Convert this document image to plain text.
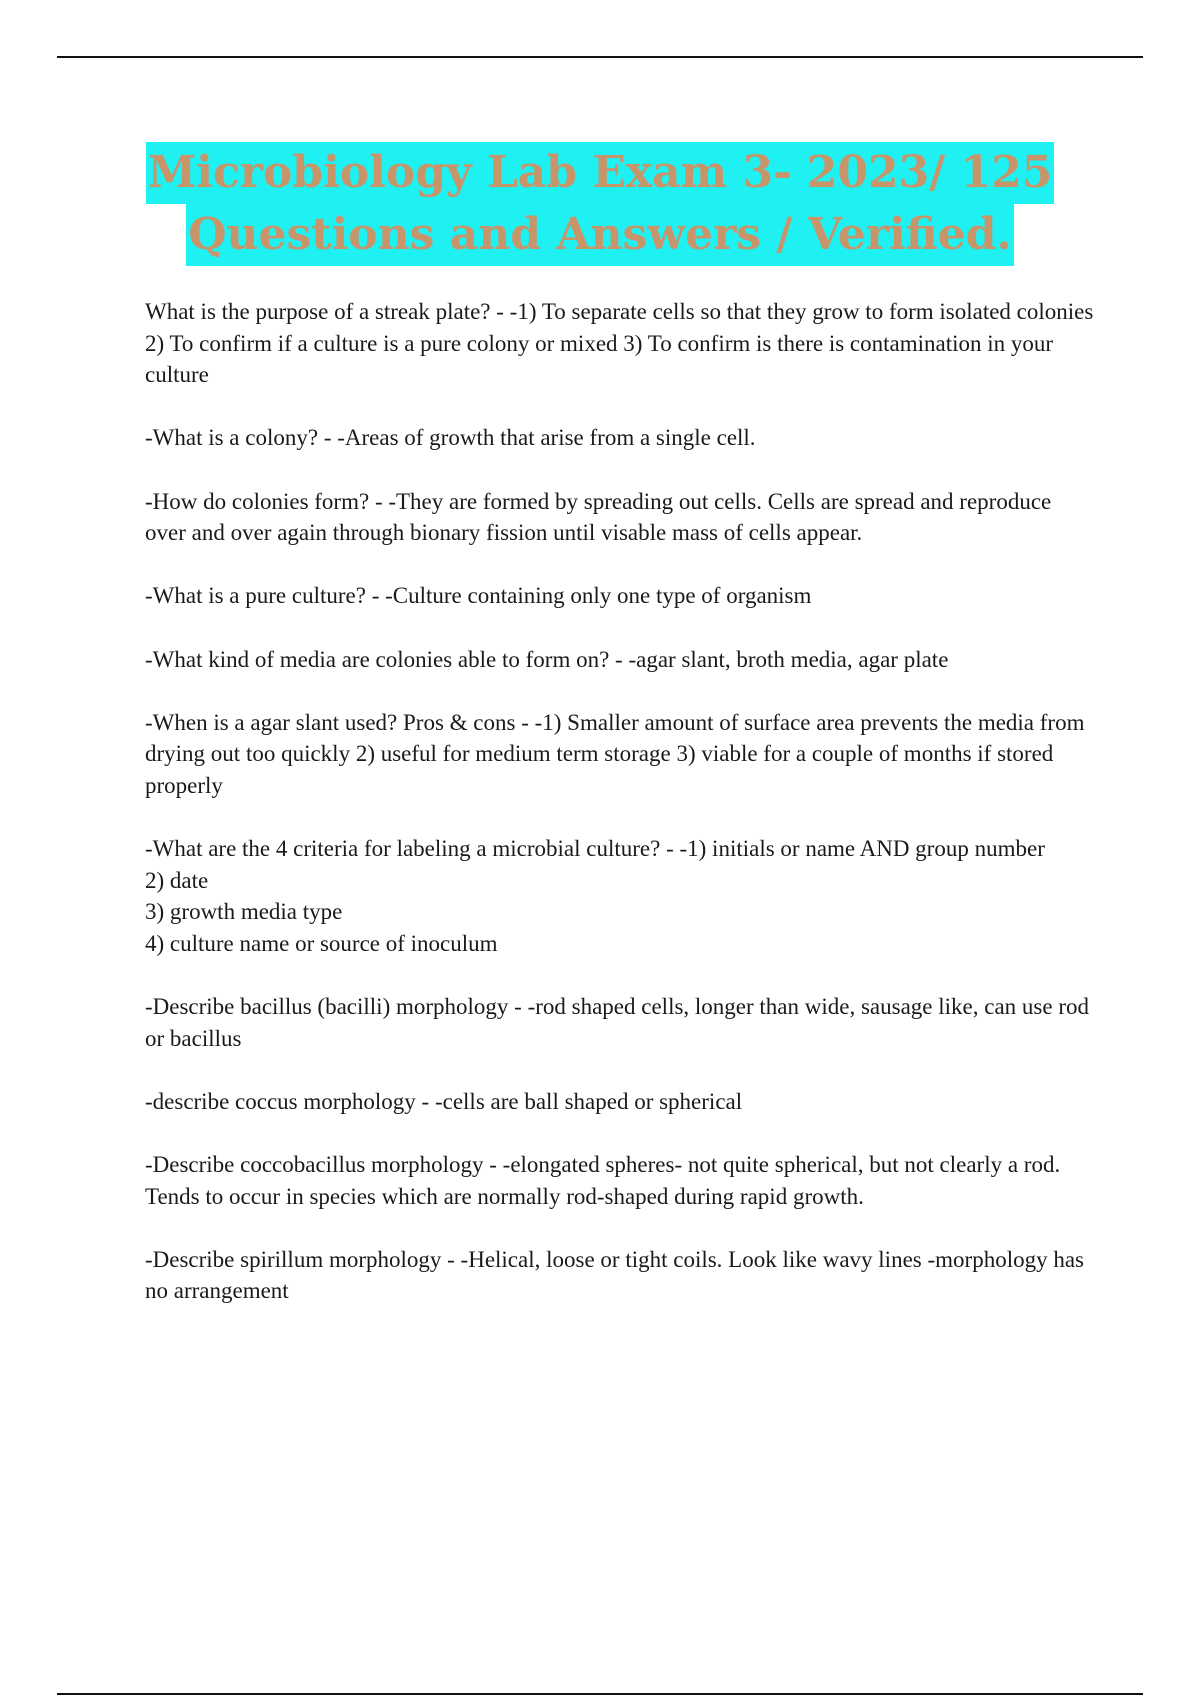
Microbiology Lab Exam 3- 2023/ 125
Questions and Answers / Verified.

What is the purpose of a streak plate? - -1) To separate cells so that they grow to form isolated colonies 2) To confirm if a culture is a pure colony or mixed 3) To confirm is there is contamination in your culture

-What is a colony? - -Areas of growth that arise from a single cell.

-How do colonies form? - -They are formed by spreading out cells. Cells are spread and reproduce over and over again through bionary fission until visable mass of cells appear.

-What is a pure culture? - -Culture containing only one type of organism

-What kind of media are colonies able to form on? - -agar slant, broth media, agar plate

-When is a agar slant used? Pros & cons - -1) Smaller amount of surface area prevents the media from drying out too quickly 2) useful for medium term storage 3) viable for a couple of months if stored properly

-What are the 4 criteria for labeling a microbial culture? - -1) initials or name AND group number

2) date

3) growth media type

4) culture name or source of inoculum

-Describe bacillus (bacilli) morphology - -rod shaped cells, longer than wide, sausage like, can use rod or bacillus

-describe coccus morphology - -cells are ball shaped or spherical

-Describe coccobacillus morphology - -elongated spheres- not quite spherical, but not clearly a rod. Tends to occur in species which are normally rod-shaped during rapid growth.

-Describe spirillum morphology - -Helical, loose or tight coils. Look like wavy lines -morphology has no arrangement
